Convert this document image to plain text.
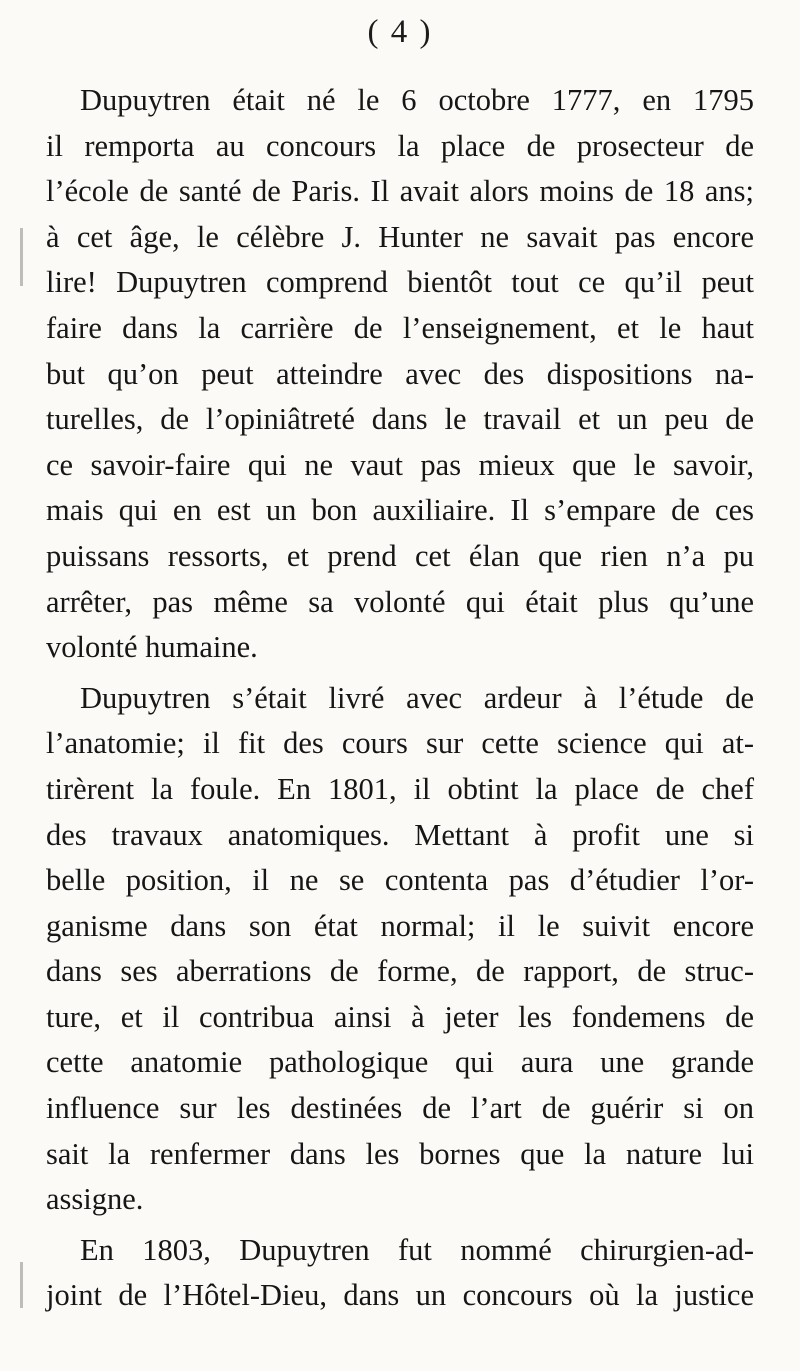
( 4 )
Dupuytren était né le 6 octobre 1777, en 1795
il remporta au concours la place de prosecteur de
l’école de santé de Paris. Il avait alors moins de 18 ans;
à cet âge, le célèbre J. Hunter ne savait pas encore
lire! Dupuytren comprend bientôt tout ce qu’il peut
faire dans la carrière de l’enseignement, et le haut
but qu’on peut atteindre avec des dispositions na-
turelles, de l’opiniâtreté dans le travail et un peu de
ce savoir-faire qui ne vaut pas mieux que le savoir,
mais qui en est un bon auxiliaire. Il s’empare de ces
puissans ressorts, et prend cet élan que rien n’a pu
arrêter, pas même sa volonté qui était plus qu’une
volonté humaine.
Dupuytren s’était livré avec ardeur à l’étude de
l’anatomie; il fit des cours sur cette science qui at-
tirèrent la foule. En 1801, il obtint la place de chef
des travaux anatomiques. Mettant à profit une si
belle position, il ne se contenta pas d’étudier l’or-
ganisme dans son état normal; il le suivit encore
dans ses aberrations de forme, de rapport, de struc-
ture, et il contribua ainsi à jeter les fondemens de
cette anatomie pathologique qui aura une grande
influence sur les destinées de l’art de guérir si on
sait la renfermer dans les bornes que la nature lui
assigne.
En 1803, Dupuytren fut nommé chirurgien-ad-
joint de l’Hôtel-Dieu, dans un concours où la justice
